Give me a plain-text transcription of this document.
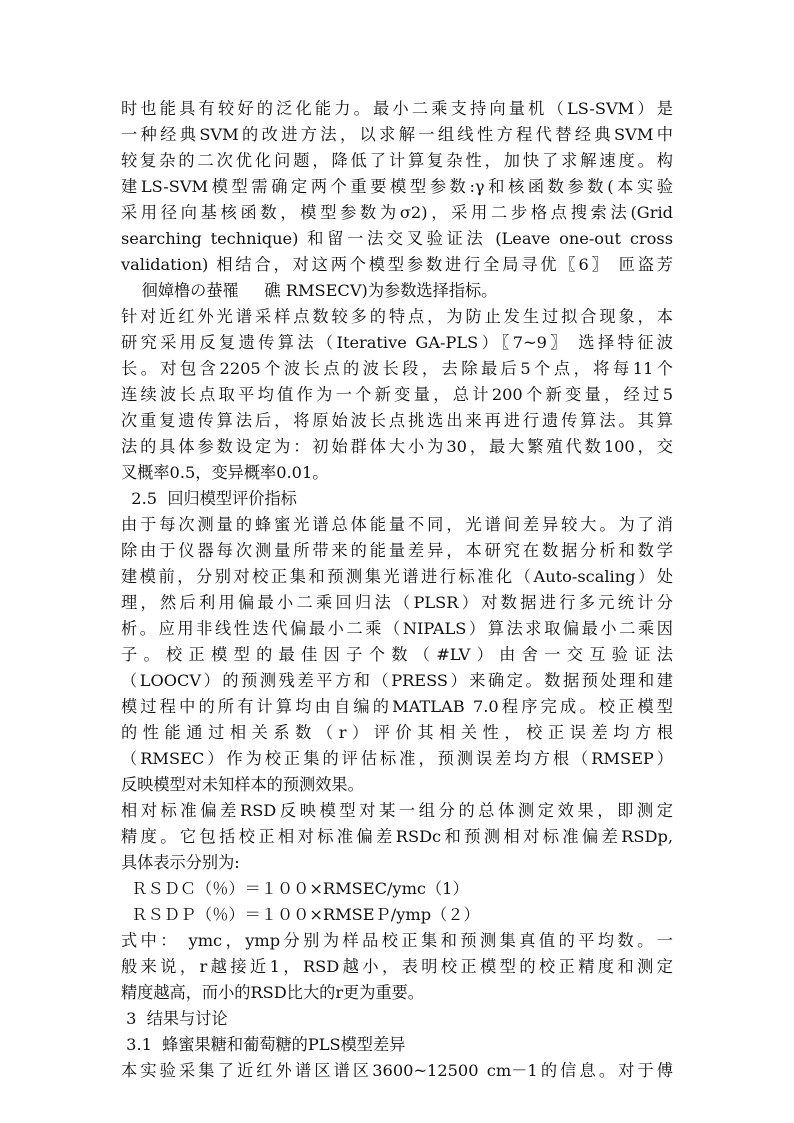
时也能具有较好的泛化能力。最小二乘支持向量机（LS-SVM）是
一种经典SVM的改进方法，以求解一组线性方程代替经典SVM中
较复杂的二次优化问题，降低了计算复杂性，加快了求解速度。构
建LS-SVM模型需确定两个重要模型参数:γ和核函数参数(本实验
采用径向基核函数，模型参数为σ2)，采用二步格点搜索法(Grid
searching technique) 和留一法交叉验证法 (Leave one-out cross
validation) 相结合，对这两个模型参数进行全局寻优〖6〗 匝盗芳
徊嫜橹の蛬罹     礁 RMSECV)为参数选择指标。
针对近红外光谱采样点数较多的特点，为防止发生过拟合现象，本
研究采用反复遗传算法（Iterative GA-PLS）〖7~9〗 选择特征波
长。对包含2205个波长点的波长段，去除最后5个点，将每11个
连续波长点取平均值作为一个新变量，总计200个新变量，经过5
次重复遗传算法后，将原始波长点挑选出来再进行遗传算法。其算
法的具体参数设定为：初始群体大小为30，最大繁殖代数100，交
叉概率0.5，变异概率0.01。
2.5  回归模型评价指标
由于每次测量的蜂蜜光谱总体能量不同，光谱间差异较大。为了消
除由于仪器每次测量所带来的能量差异，本研究在数据分析和数学
建模前，分别对校正集和预测集光谱进行标准化（Auto-scaling）处
理，然后利用偏最小二乘回归法（PLSR）对数据进行多元统计分
析。应用非线性迭代偏最小二乘（NIPALS）算法求取偏最小二乘因
子。校正模型的最佳因子个数（#LV）由舍一交互验证法
（LOOCV）的预测残差平方和（PRESS）来确定。数据预处理和建
模过程中的所有计算均由自编的MATLAB 7.0程序完成。校正模型
的性能通过相关系数（r）评价其相关性，校正误差均方根
（RMSEC）作为校正集的评估标准，预测误差均方根（RMSEP）
反映模型对未知样本的预测效果。
相对标准偏差RSD反映模型对某一组分的总体测定效果，即测定
精度。它包括校正相对标准偏差RSDc和预测相对标准偏差RSDp,
具体表示分别为:
ＲＳＤＣ（％）＝１００×RMSEC/ymc（1）
ＲＳＤＰ（％）＝１００×RMSEＰ/ymp（２）
式中： ymc，ymp分别为样品校正集和预测集真值的平均数。一
般来说，r越接近1，RSD越小，表明校正模型的校正精度和测定
精度越高，而小的RSD比大的r更为重要。
3  结果与讨论
3.1  蜂蜜果糖和葡萄糖的PLS模型差异
本实验采集了近红外谱区谱区3600~12500 cm－1的信息。对于傅
